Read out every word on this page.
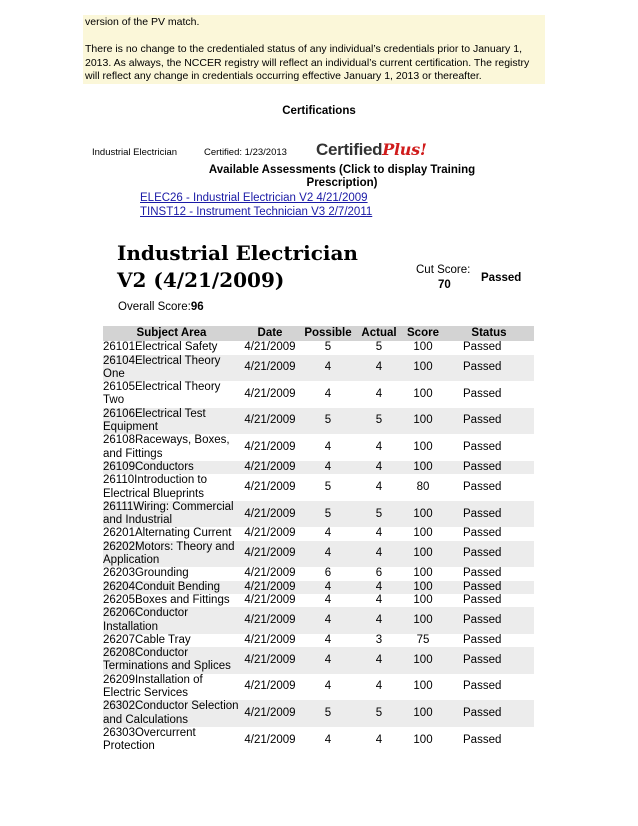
version of the PV match.

There is no change to the credentialed status of any individual’s credentials prior to January 1, 2013. As always, the NCCER registry will reflect an individual’s current certification. The registry will reflect any change in credentials occurring effective January 1, 2013 or thereafter.

Certifications
Industrial Electrician	Certified: 1/23/2013 CertifiedPlus!
Available Assessments (Click to display Training Prescription)
ELEC26 - Industrial Electrician V2 4/21/2009
TINST12 - Instrument Technician V3 2/7/2011
Industrial Electrician V2 (4/21/2009)	Cut Score:
70
Passed
Overall Score:96
Subject Area	Date	Possible	Actual	Score	Status
26101Electrical Safety	4/21/2009	5	5	100	Passed
26104Electrical Theory One	4/21/2009	4	4	100	Passed
26105Electrical Theory Two	4/21/2009	4	4	100	Passed
26106Electrical Test Equipment	4/21/2009	5	5	100	Passed
26108Raceways, Boxes, and Fittings	4/21/2009	4	4	100	Passed
26109Conductors	4/21/2009	4	4	100	Passed
26110Introduction to Electrical Blueprints	4/21/2009	5	4	80	Passed
26111Wiring: Commercial and Industrial	4/21/2009	5	5	100	Passed
26201Alternating Current	4/21/2009	4	4	100	Passed
26202Motors: Theory and Application	4/21/2009	4	4	100	Passed
26203Grounding	4/21/2009	6	6	100	Passed
26204Conduit Bending	4/21/2009	4	4	100	Passed
26205Boxes and Fittings	4/21/2009	4	4	100	Passed
26206Conductor Installation	4/21/2009	4	4	100	Passed
26207Cable Tray	4/21/2009	4	3	75	Passed
26208Conductor Terminations and Splices	4/21/2009	4	4	100	Passed
26209Installation of Electric Services	4/21/2009	4	4	100	Passed
26302Conductor Selection and Calculations	4/21/2009	5	5	100	Passed
26303Overcurrent Protection	4/21/2009	4	4	100	Passed
